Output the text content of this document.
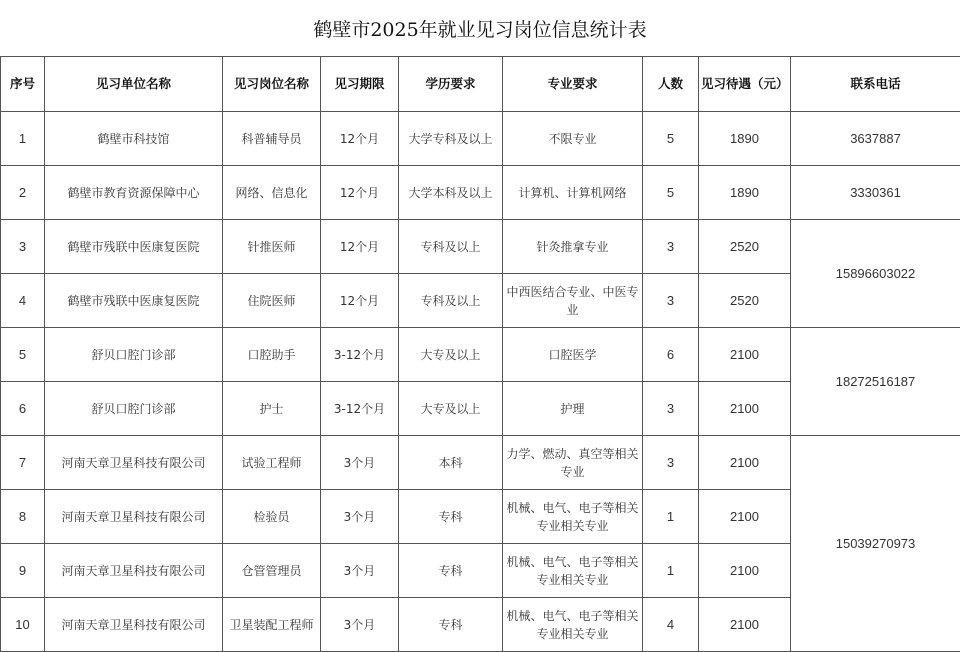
鹤壁市2025年就业见习岗位信息统计表
序号	见习单位名称	见习岗位名称	见习期限	学历要求	专业要求	人数	见习待遇（元）	联系电话
1	鹤壁市科技馆	科普辅导员	12个月	大学专科及以上	不限专业	5	1890	3637887
2	鹤壁市教育资源保障中心	网络、信息化	12个月	大学本科及以上	计算机、计算机网络	5	1890	3330361
3	鹤壁市残联中医康复医院	针推医师	12个月	专科及以上	针灸推拿专业	3	2520	15896603022
4	鹤壁市残联中医康复医院	住院医师	12个月	专科及以上	中西医结合专业、中医专业	3	2520	
5	舒贝口腔门诊部	口腔助手	3-12个月	大专及以上	口腔医学	6	2100	18272516187
6	舒贝口腔门诊部	护士	3-12个月	大专及以上	护理	3	2100	
7	河南天章卫星科技有限公司	试验工程师	3个月	本科	力学、燃动、真空等相关专业	3	2100	15039270973
8	河南天章卫星科技有限公司	检验员	3个月	专科	机械、电气、电子等相关专业相关专业	1	2100	
9	河南天章卫星科技有限公司	仓管管理员	3个月	专科	机械、电气、电子等相关专业相关专业	1	2100	
10	河南天章卫星科技有限公司	卫星装配工程师	3个月	专科	机械、电气、电子等相关专业相关专业	4	2100	
